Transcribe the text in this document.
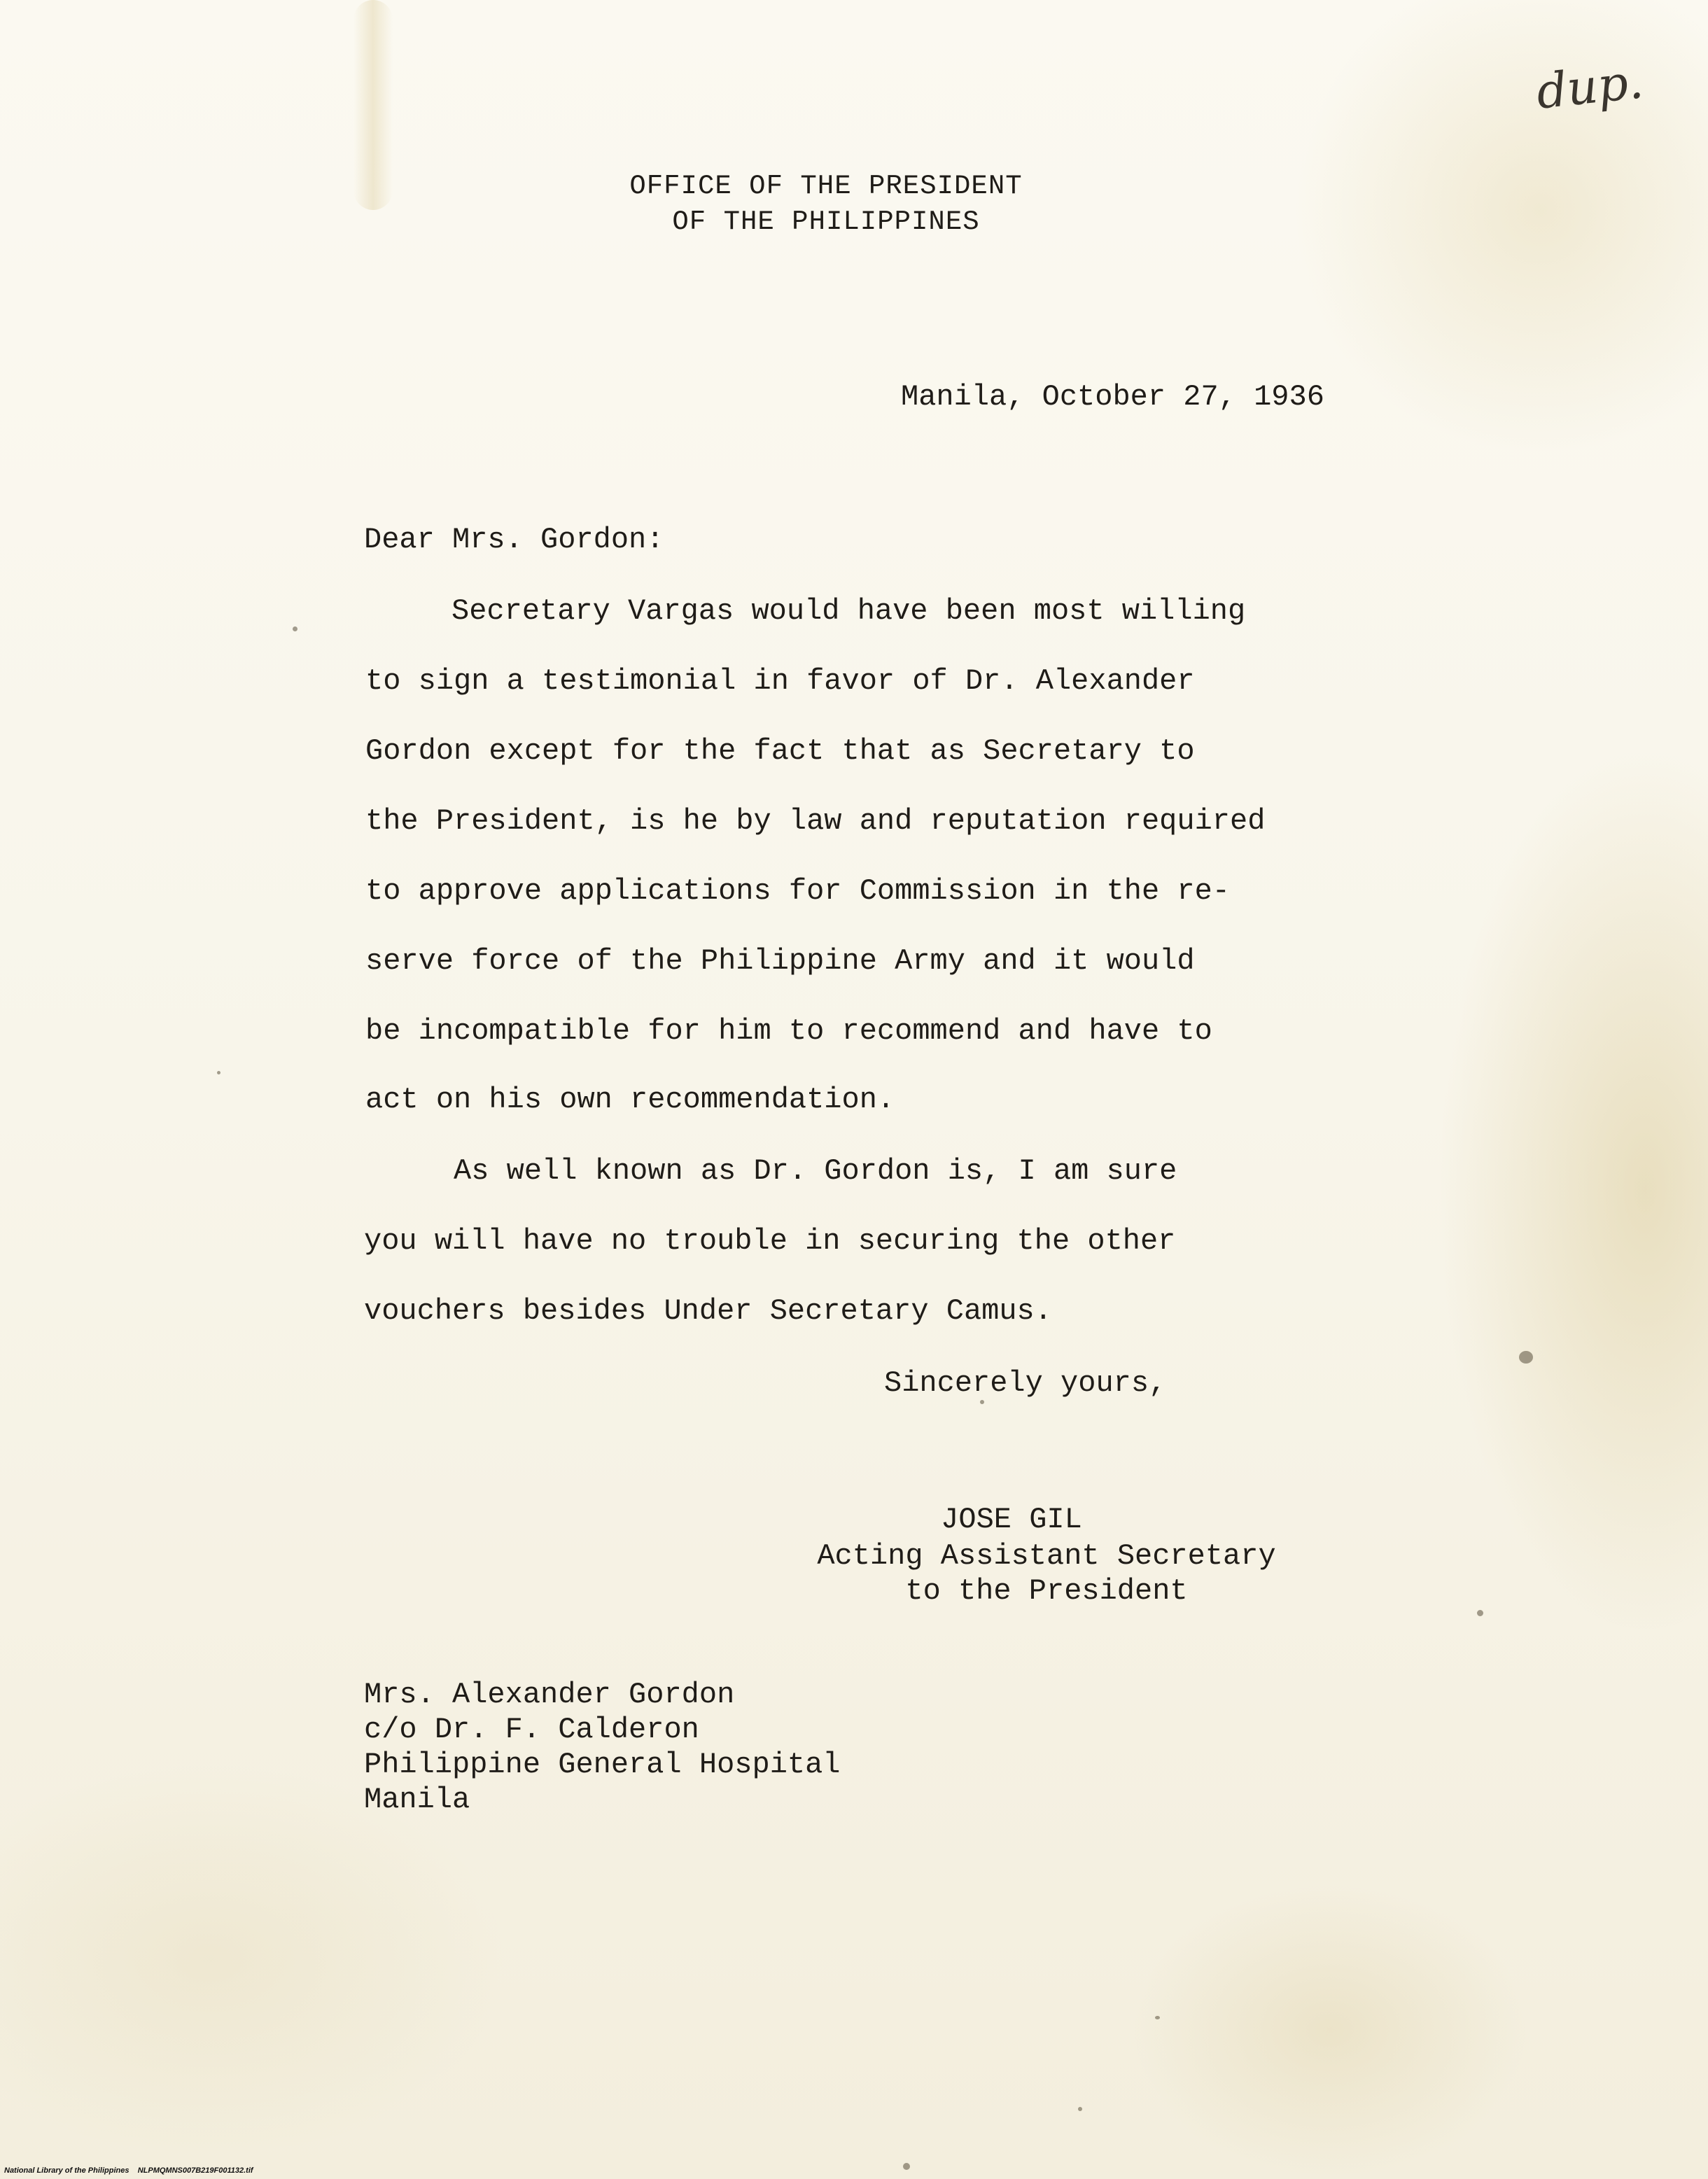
dup.
OFFICE OF THE PRESIDENT
OF THE PHILIPPINES
Manila, October 27, 1936
Dear Mrs. Gordon:
Secretary Vargas would have been most willing
to sign a testimonial in favor of Dr. Alexander
Gordon except for the fact that as Secretary to
the President, is he by law and reputation required
to approve applications for Commission in the re-
serve force of the Philippine Army and it would
be incompatible for him to recommend and have to
act on his own recommendation.
As well known as Dr. Gordon is, I am sure
you will have no trouble in securing the other
vouchers besides Under Secretary Camus.
Sincerely yours,
JOSE GIL
Acting Assistant Secretary
to the President
Mrs. Alexander Gordon
c/o Dr. F. Calderon
Philippine General Hospital
Manila
National Library of the Philippines    NLPMQMNS007B219F001132.tif
